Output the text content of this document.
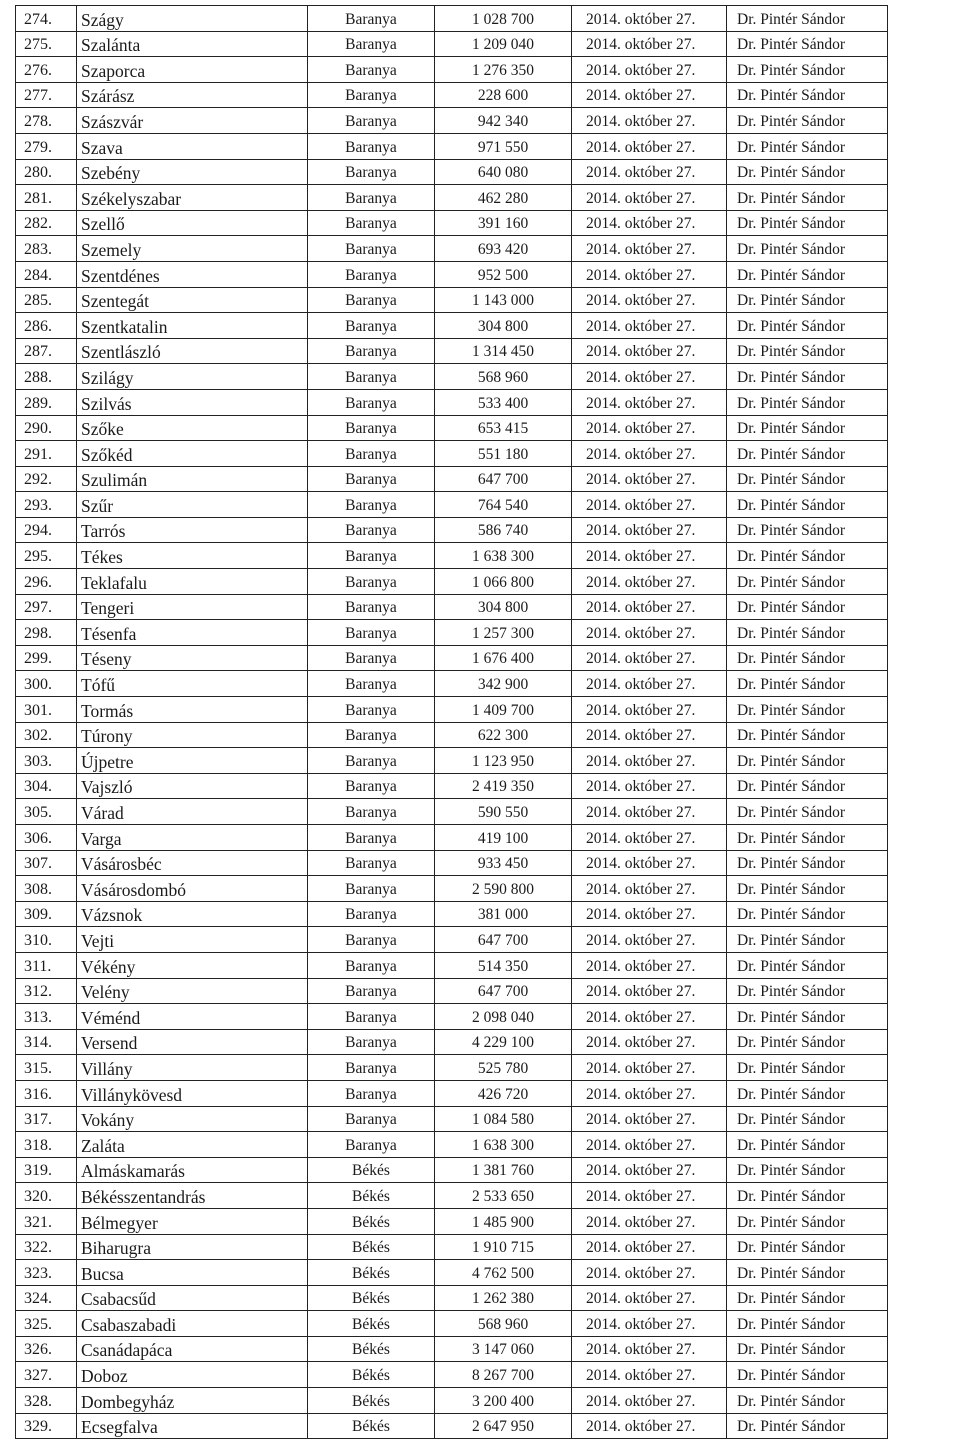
274.	Szágy	Baranya	1 028 700	2014. október 27.	Dr. Pintér Sándor
275.	Szalánta	Baranya	1 209 040	2014. október 27.	Dr. Pintér Sándor
276.	Szaporca	Baranya	1 276 350	2014. október 27.	Dr. Pintér Sándor
277.	Szárász	Baranya	228 600	2014. október 27.	Dr. Pintér Sándor
278.	Szászvár	Baranya	942 340	2014. október 27.	Dr. Pintér Sándor
279.	Szava	Baranya	971 550	2014. október 27.	Dr. Pintér Sándor
280.	Szebény	Baranya	640 080	2014. október 27.	Dr. Pintér Sándor
281.	Székelyszabar	Baranya	462 280	2014. október 27.	Dr. Pintér Sándor
282.	Szellő	Baranya	391 160	2014. október 27.	Dr. Pintér Sándor
283.	Szemely	Baranya	693 420	2014. október 27.	Dr. Pintér Sándor
284.	Szentdénes	Baranya	952 500	2014. október 27.	Dr. Pintér Sándor
285.	Szentegát	Baranya	1 143 000	2014. október 27.	Dr. Pintér Sándor
286.	Szentkatalin	Baranya	304 800	2014. október 27.	Dr. Pintér Sándor
287.	Szentlászló	Baranya	1 314 450	2014. október 27.	Dr. Pintér Sándor
288.	Szilágy	Baranya	568 960	2014. október 27.	Dr. Pintér Sándor
289.	Szilvás	Baranya	533 400	2014. október 27.	Dr. Pintér Sándor
290.	Szőke	Baranya	653 415	2014. október 27.	Dr. Pintér Sándor
291.	Szőkéd	Baranya	551 180	2014. október 27.	Dr. Pintér Sándor
292.	Szulimán	Baranya	647 700	2014. október 27.	Dr. Pintér Sándor
293.	Szűr	Baranya	764 540	2014. október 27.	Dr. Pintér Sándor
294.	Tarrós	Baranya	586 740	2014. október 27.	Dr. Pintér Sándor
295.	Tékes	Baranya	1 638 300	2014. október 27.	Dr. Pintér Sándor
296.	Teklafalu	Baranya	1 066 800	2014. október 27.	Dr. Pintér Sándor
297.	Tengeri	Baranya	304 800	2014. október 27.	Dr. Pintér Sándor
298.	Tésenfa	Baranya	1 257 300	2014. október 27.	Dr. Pintér Sándor
299.	Téseny	Baranya	1 676 400	2014. október 27.	Dr. Pintér Sándor
300.	Tófű	Baranya	342 900	2014. október 27.	Dr. Pintér Sándor
301.	Tormás	Baranya	1 409 700	2014. október 27.	Dr. Pintér Sándor
302.	Túrony	Baranya	622 300	2014. október 27.	Dr. Pintér Sándor
303.	Újpetre	Baranya	1 123 950	2014. október 27.	Dr. Pintér Sándor
304.	Vajszló	Baranya	2 419 350	2014. október 27.	Dr. Pintér Sándor
305.	Várad	Baranya	590 550	2014. október 27.	Dr. Pintér Sándor
306.	Varga	Baranya	419 100	2014. október 27.	Dr. Pintér Sándor
307.	Vásárosbéc	Baranya	933 450	2014. október 27.	Dr. Pintér Sándor
308.	Vásárosdombó	Baranya	2 590 800	2014. október 27.	Dr. Pintér Sándor
309.	Vázsnok	Baranya	381 000	2014. október 27.	Dr. Pintér Sándor
310.	Vejti	Baranya	647 700	2014. október 27.	Dr. Pintér Sándor
311.	Vékény	Baranya	514 350	2014. október 27.	Dr. Pintér Sándor
312.	Velény	Baranya	647 700	2014. október 27.	Dr. Pintér Sándor
313.	Véménd	Baranya	2 098 040	2014. október 27.	Dr. Pintér Sándor
314.	Versend	Baranya	4 229 100	2014. október 27.	Dr. Pintér Sándor
315.	Villány	Baranya	525 780	2014. október 27.	Dr. Pintér Sándor
316.	Villánykövesd	Baranya	426 720	2014. október 27.	Dr. Pintér Sándor
317.	Vokány	Baranya	1 084 580	2014. október 27.	Dr. Pintér Sándor
318.	Zaláta	Baranya	1 638 300	2014. október 27.	Dr. Pintér Sándor
319.	Almáskamarás	Békés	1 381 760	2014. október 27.	Dr. Pintér Sándor
320.	Békésszentandrás	Békés	2 533 650	2014. október 27.	Dr. Pintér Sándor
321.	Bélmegyer	Békés	1 485 900	2014. október 27.	Dr. Pintér Sándor
322.	Biharugra	Békés	1 910 715	2014. október 27.	Dr. Pintér Sándor
323.	Bucsa	Békés	4 762 500	2014. október 27.	Dr. Pintér Sándor
324.	Csabacsűd	Békés	1 262 380	2014. október 27.	Dr. Pintér Sándor
325.	Csabaszabadi	Békés	568 960	2014. október 27.	Dr. Pintér Sándor
326.	Csanádapáca	Békés	3 147 060	2014. október 27.	Dr. Pintér Sándor
327.	Doboz	Békés	8 267 700	2014. október 27.	Dr. Pintér Sándor
328.	Dombegyház	Békés	3 200 400	2014. október 27.	Dr. Pintér Sándor
329.	Ecsegfalva	Békés	2 647 950	2014. október 27.	Dr. Pintér Sándor
